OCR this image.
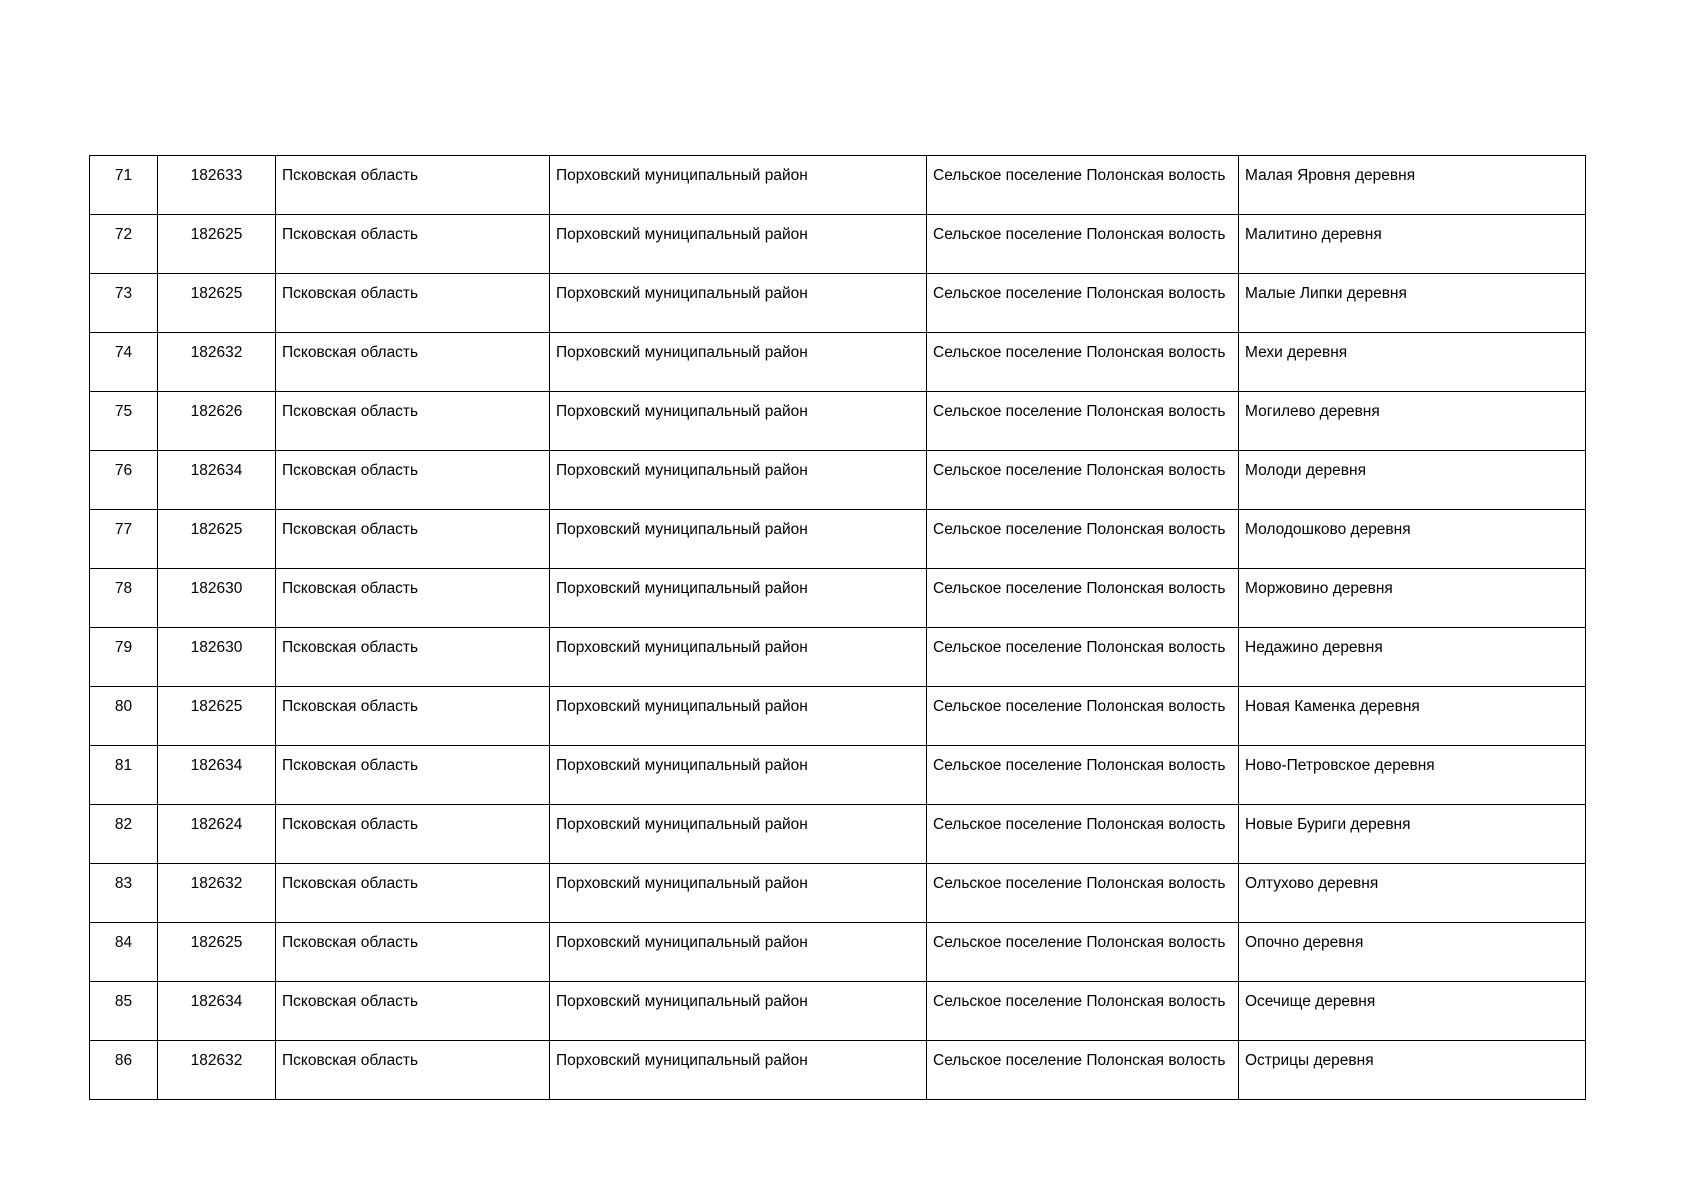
71	182633	Псковская область	Порховский муниципальный район	Сельское поселение Полонская волость	Малая Яровня деревня
72	182625	Псковская область	Порховский муниципальный район	Сельское поселение Полонская волость	Малитино деревня
73	182625	Псковская область	Порховский муниципальный район	Сельское поселение Полонская волость	Малые Липки деревня
74	182632	Псковская область	Порховский муниципальный район	Сельское поселение Полонская волость	Мехи деревня
75	182626	Псковская область	Порховский муниципальный район	Сельское поселение Полонская волость	Могилево деревня
76	182634	Псковская область	Порховский муниципальный район	Сельское поселение Полонская волость	Молоди деревня
77	182625	Псковская область	Порховский муниципальный район	Сельское поселение Полонская волость	Молодошково деревня
78	182630	Псковская область	Порховский муниципальный район	Сельское поселение Полонская волость	Моржовино деревня
79	182630	Псковская область	Порховский муниципальный район	Сельское поселение Полонская волость	Недажино деревня
80	182625	Псковская область	Порховский муниципальный район	Сельское поселение Полонская волость	Новая Каменка деревня
81	182634	Псковская область	Порховский муниципальный район	Сельское поселение Полонская волость	Ново-Петровское деревня
82	182624	Псковская область	Порховский муниципальный район	Сельское поселение Полонская волость	Новые Буриги деревня
83	182632	Псковская область	Порховский муниципальный район	Сельское поселение Полонская волость	Олтухово деревня
84	182625	Псковская область	Порховский муниципальный район	Сельское поселение Полонская волость	Опочно деревня
85	182634	Псковская область	Порховский муниципальный район	Сельское поселение Полонская волость	Осечище деревня
86	182632	Псковская область	Порховский муниципальный район	Сельское поселение Полонская волость	Острицы деревня
